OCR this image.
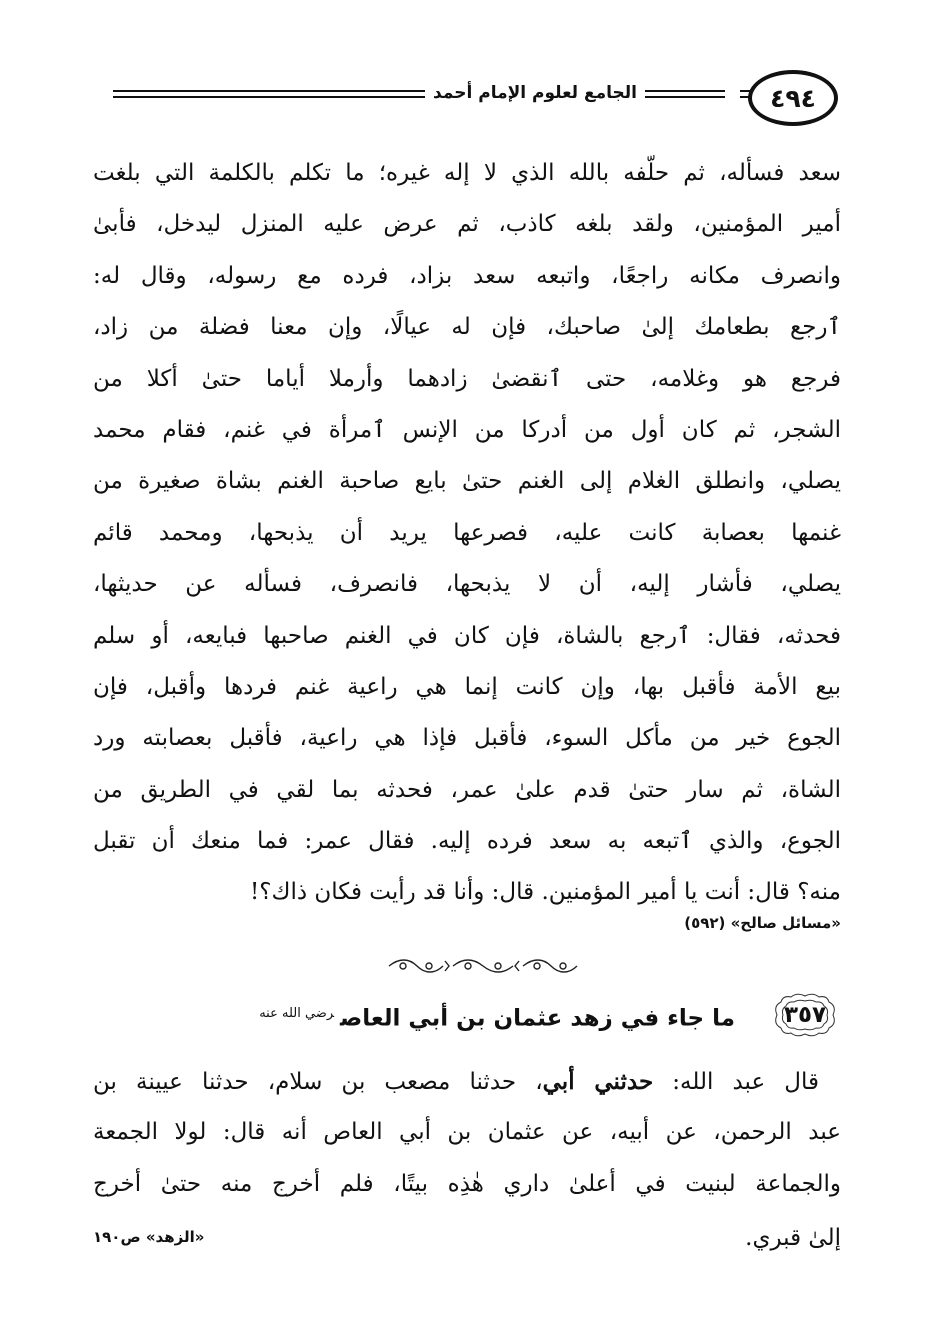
٤٩٤
الجامع لعلوم الإمام أحمد
سعد فسأله، ثم حلّفه بالله الذي لا إله غيره؛ ما تكلم بالكلمة التي بلغت
أمير المؤمنين، ولقد بلغه كاذب، ثم عرض عليه المنزل ليدخل، فأبىٰ
وانصرف مكانه راجعًا، واتبعه سعد بزاد، فرده مع رسوله، وقال له:
ٱرجع بطعامك إلىٰ صاحبك، فإن له عيالًا، وإن معنا فضلة من زاد،
فرجع هو وغلامه، حتى ٱنقضىٰ زادهما وأرملا أياما حتىٰ أكلا من
الشجر، ثم كان أول من أدركا من الإنس ٱمرأة في غنم، فقام محمد
يصلي، وانطلق الغلام إلى الغنم حتىٰ بايع صاحبة الغنم بشاة صغيرة من
غنمها بعصابة كانت عليه، فصرعها يريد أن يذبحها، ومحمد قائم
يصلي، فأشار إليه، أن لا يذبحها، فانصرف، فسأله عن حديثها،
فحدثه، فقال: ٱرجع بالشاة، فإن كان في الغنم صاحبها فبايعه، أو سلم
بيع الأمة فأقبل بها، وإن كانت إنما هي راعية غنم فردها وأقبل، فإن
الجوع خير من مأكل السوء، فأقبل فإذا هي راعية، فأقبل بعصابته ورد
الشاة، ثم سار حتىٰ قدم علىٰ عمر، فحدثه بما لقي في الطريق من
الجوع، والذي ٱتبعه به سعد فرده إليه. فقال عمر: فما منعك أن تقبل
منه؟ قال: أنت يا أمير المؤمنين. قال: وأنا قد رأيت فكان ذاك؟!
«مسائل صالح» (٥٩٢)
٣٥٧
ما جاء في زهد عثمان بن أبي العاص$^{رضي الله عنه}$
قال عبد الله: حدثني أبي، حدثنا مصعب بن سلام، حدثنا عيينة بن
عبد الرحمن، عن أبيه، عن عثمان بن أبي العاص أنه قال: لولا الجمعة
والجماعة لبنيت في أعلىٰ داري هٰذِه بيتًا، فلم أخرج منه حتىٰ أخرج
إلىٰ قبري.
«الزهد» ص١٩٠
